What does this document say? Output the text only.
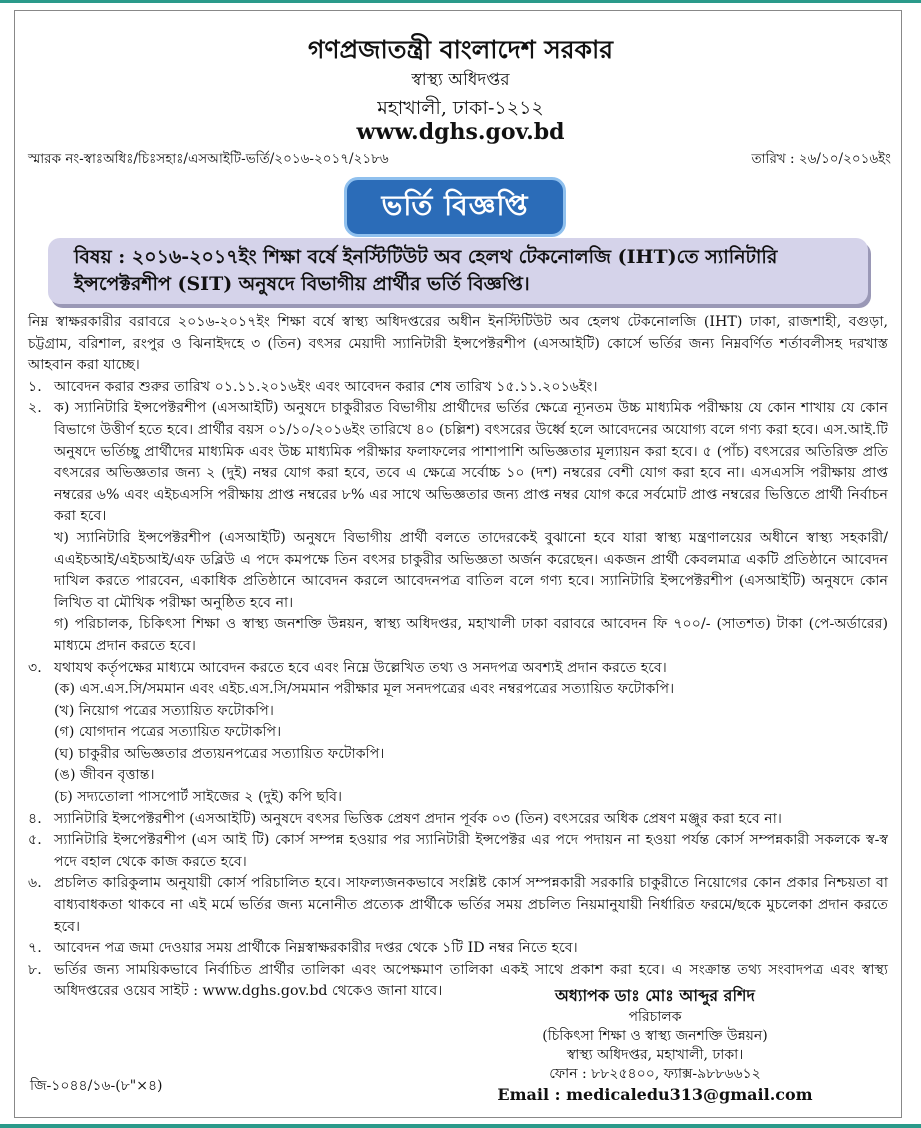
গণপ্রজাতন্ত্রী বাংলাদেশ সরকার
স্বাস্থ্য অধিদপ্তর
মহাখালী, ঢাকা-১২১২
www.dghs.gov.bd
স্মারক নং-স্বাঃঅধিঃ/চিঃসহাঃ/এসআইটি-ভর্তি/২০১৬-২০১৭/২১৮৬	তারিখ : ২৬/১০/২০১৬ইং
ভর্তি বিজ্ঞপ্তি
বিষয় : ২০১৬-২০১৭ইং শিক্ষা বর্ষে ইনস্টিটিউট অব হেলথ টেকনোলজি (IHT)তে স্যানিটারি
ইন্সপেক্টরশীপ (SIT) অনুষদে বিভাগীয় প্রার্থীর ভর্তি বিজ্ঞপ্তি।
নিম্ন স্বাক্ষরকারীর বরাবরে ২০১৬-২০১৭ইং শিক্ষা বর্ষে স্বাস্থ্য অধিদপ্তরের অধীন ইনস্টিটিউট অব হেলথ টেকনোলজি (IHT) ঢাকা, রাজশাহী, বগুড়া, চট্টগ্রাম, বরিশাল, রংপুর ও ঝিনাইদহে ৩ (তিন) বৎসর মেয়াদী স্যানিটারী ইন্সপেক্টরশীপ (এসআইটি) কোর্সে ভর্তির জন্য নিম্নবর্ণিত শর্তাবলীসহ দরখাস্ত আহবান করা যাচ্ছে।
১. আবেদন করার শুরুর তারিখ ০১.১১.২০১৬ইং এবং আবেদন করার শেষ তারিখ ১৫.১১.২০১৬ইং।
২. ক) স্যানিটারি ইন্সপেক্টরশীপ (এসআইটি) অনুষদে চাকুরীরত বিভাগীয় প্রার্থীদের ভর্তির ক্ষেত্রে ন্যূনতম উচ্চ মাধ্যমিক পরীক্ষায় যে কোন শাখায় যে কোন বিভাগে উত্তীর্ণ হতে হবে। প্রার্থীর বয়স ০১/১০/২০১৬ইং তারিখে ৪০ (চল্লিশ) বৎসরের উর্ধ্বে হলে আবেদনের অযোগ্য বলে গণ্য করা হবে। এস.আই.টি অনুষদে ভর্তিচ্ছু প্রার্থীদের মাধ্যমিক এবং উচ্চ মাধ্যমিক পরীক্ষার ফলাফলের পাশাপাশি অভিজ্ঞতার মূল্যায়ন করা হবে। ৫ (পাঁচ) বৎসরের অতিরিক্ত প্রতি বৎসরের অভিজ্ঞতার জন্য ২ (দুই) নম্বর যোগ করা হবে, তবে এ ক্ষেত্রে সর্বোচ্চ ১০ (দশ) নম্বরের বেশী যোগ করা হবে না। এসএসসি পরীক্ষায় প্রাপ্ত নম্বরের ৬% এবং এইচএসসি পরীক্ষায় প্রাপ্ত নম্বরের ৮% এর সাথে অভিজ্ঞতার জন্য প্রাপ্ত নম্বর যোগ করে সর্বমোট প্রাপ্ত নম্বরের ভিত্তিতে প্রার্থী নির্বাচন করা হবে।
খ) স্যানিটারি ইন্সপেক্টরশীপ (এসআইটি) অনুষদে বিভাগীয় প্রার্থী বলতে তাদেরকেই বুঝানো হবে যারা স্বাস্থ্য মন্ত্রণালয়ের অধীনে স্বাস্থ্য সহকারী/এএইচআই/এইচআই/এফ ডব্লিউ এ পদে কমপক্ষে তিন বৎসর চাকুরীর অভিজ্ঞতা অর্জন করেছেন। একজন প্রার্থী কেবলমাত্র একটি প্রতিষ্ঠানে আবেদন দাখিল করতে পারবেন, একাধিক প্রতিষ্ঠানে আবেদন করলে আবেদনপত্র বাতিল বলে গণ্য হবে। স্যানিটারি ইন্সপেক্টরশীপ (এসআইটি) অনুষদে কোন লিখিত বা মৌখিক পরীক্ষা অনুষ্ঠিত হবে না।
গ) পরিচালক, চিকিৎসা শিক্ষা ও স্বাস্থ্য জনশক্তি উন্নয়ন, স্বাস্থ্য অধিদপ্তর, মহাখালী ঢাকা বরাবরে আবেদন ফি ৭০০/- (সাতশত) টাকা (পে-অর্ডারের) মাধ্যমে প্রদান করতে হবে।
৩. যথাযথ কর্তৃপক্ষের মাধ্যমে আবেদন করতে হবে এবং নিম্নে উল্লেখিত তথ্য ও সনদপত্র অবশ্যই প্রদান করতে হবে।
(ক) এস.এস.সি/সমমান এবং এইচ.এস.সি/সমমান পরীক্ষার মূল সনদপত্রের এবং নম্বরপত্রের সত্যায়িত ফটোকপি।
(খ) নিয়োগ পত্রের সত্যায়িত ফটোকপি।
(গ) যোগদান পত্রের সত্যায়িত ফটোকপি।
(ঘ) চাকুরীর অভিজ্ঞতার প্রত্যয়নপত্রের সত্যায়িত ফটোকপি।
(ঙ) জীবন বৃত্তান্ত।
(চ) সদ্যতোলা পাসপোর্ট সাইজের ২ (দুই) কপি ছবি।
৪. স্যানিটারি ইন্সপেক্টরশীপ (এসআইটি) অনুষদে বৎসর ভিত্তিক প্রেষণ প্রদান পূর্বক ০৩ (তিন) বৎসরের অধিক প্রেষণ মঞ্জুর করা হবে না।
৫. স্যানিটারি ইন্সপেক্টরশীপ (এস আই টি) কোর্স সম্পন্ন হওয়ার পর স্যানিটারী ইন্সপেক্টর এর পদে পদায়ন না হওয়া পর্যন্ত কোর্স সম্পন্নকারী সকলকে স্ব-স্ব পদে বহাল থেকে কাজ করতে হবে।
৬. প্রচলিত কারিকুলাম অনুযায়ী কোর্স পরিচালিত হবে। সাফল্যজনকভাবে সংশ্লিষ্ট কোর্স সম্পন্নকারী সরকারি চাকুরীতে নিয়োগের কোন প্রকার নিশ্চয়তা বা বাধ্যবাধকতা থাকবে না এই মর্মে ভর্তির জন্য মনোনীত প্রত্যেক প্রার্থীকে ভর্তির সময় প্রচলিত নিয়মানুযায়ী নির্ধারিত ফরমে/ছকে মুচলেকা প্রদান করতে হবে।
৭. আবেদন পত্র জমা দেওয়ার সময় প্রার্থীকে নিম্নস্বাক্ষরকারীর দপ্তর থেকে ১টি ID নম্বর নিতে হবে।
৮. ভর্তির জন্য সাময়িকভাবে নির্বাচিত প্রার্থীর তালিকা এবং অপেক্ষমাণ তালিকা একই সাথে প্রকাশ করা হবে। এ সংক্রান্ত তথ্য সংবাদপত্র এবং স্বাস্থ্য অধিদপ্তরের ওয়েব সাইট : www.dghs.gov.bd থেকেও জানা যাবে।	অধ্যাপক ডাঃ মোঃ আব্দুর রশিদ
পরিচালক
(চিকিৎসা শিক্ষা ও স্বাস্থ্য জনশক্তি উন্নয়ন)
স্বাস্থ্য অধিদপ্তর, মহাখালী, ঢাকা।
ফোন : ৮৮২৫৪০০, ফ্যাক্স-৯৮৮৬৬১২
Email : medicaledu313@gmail.com
জি-১০৪৪/১৬-(৮"×৪)
